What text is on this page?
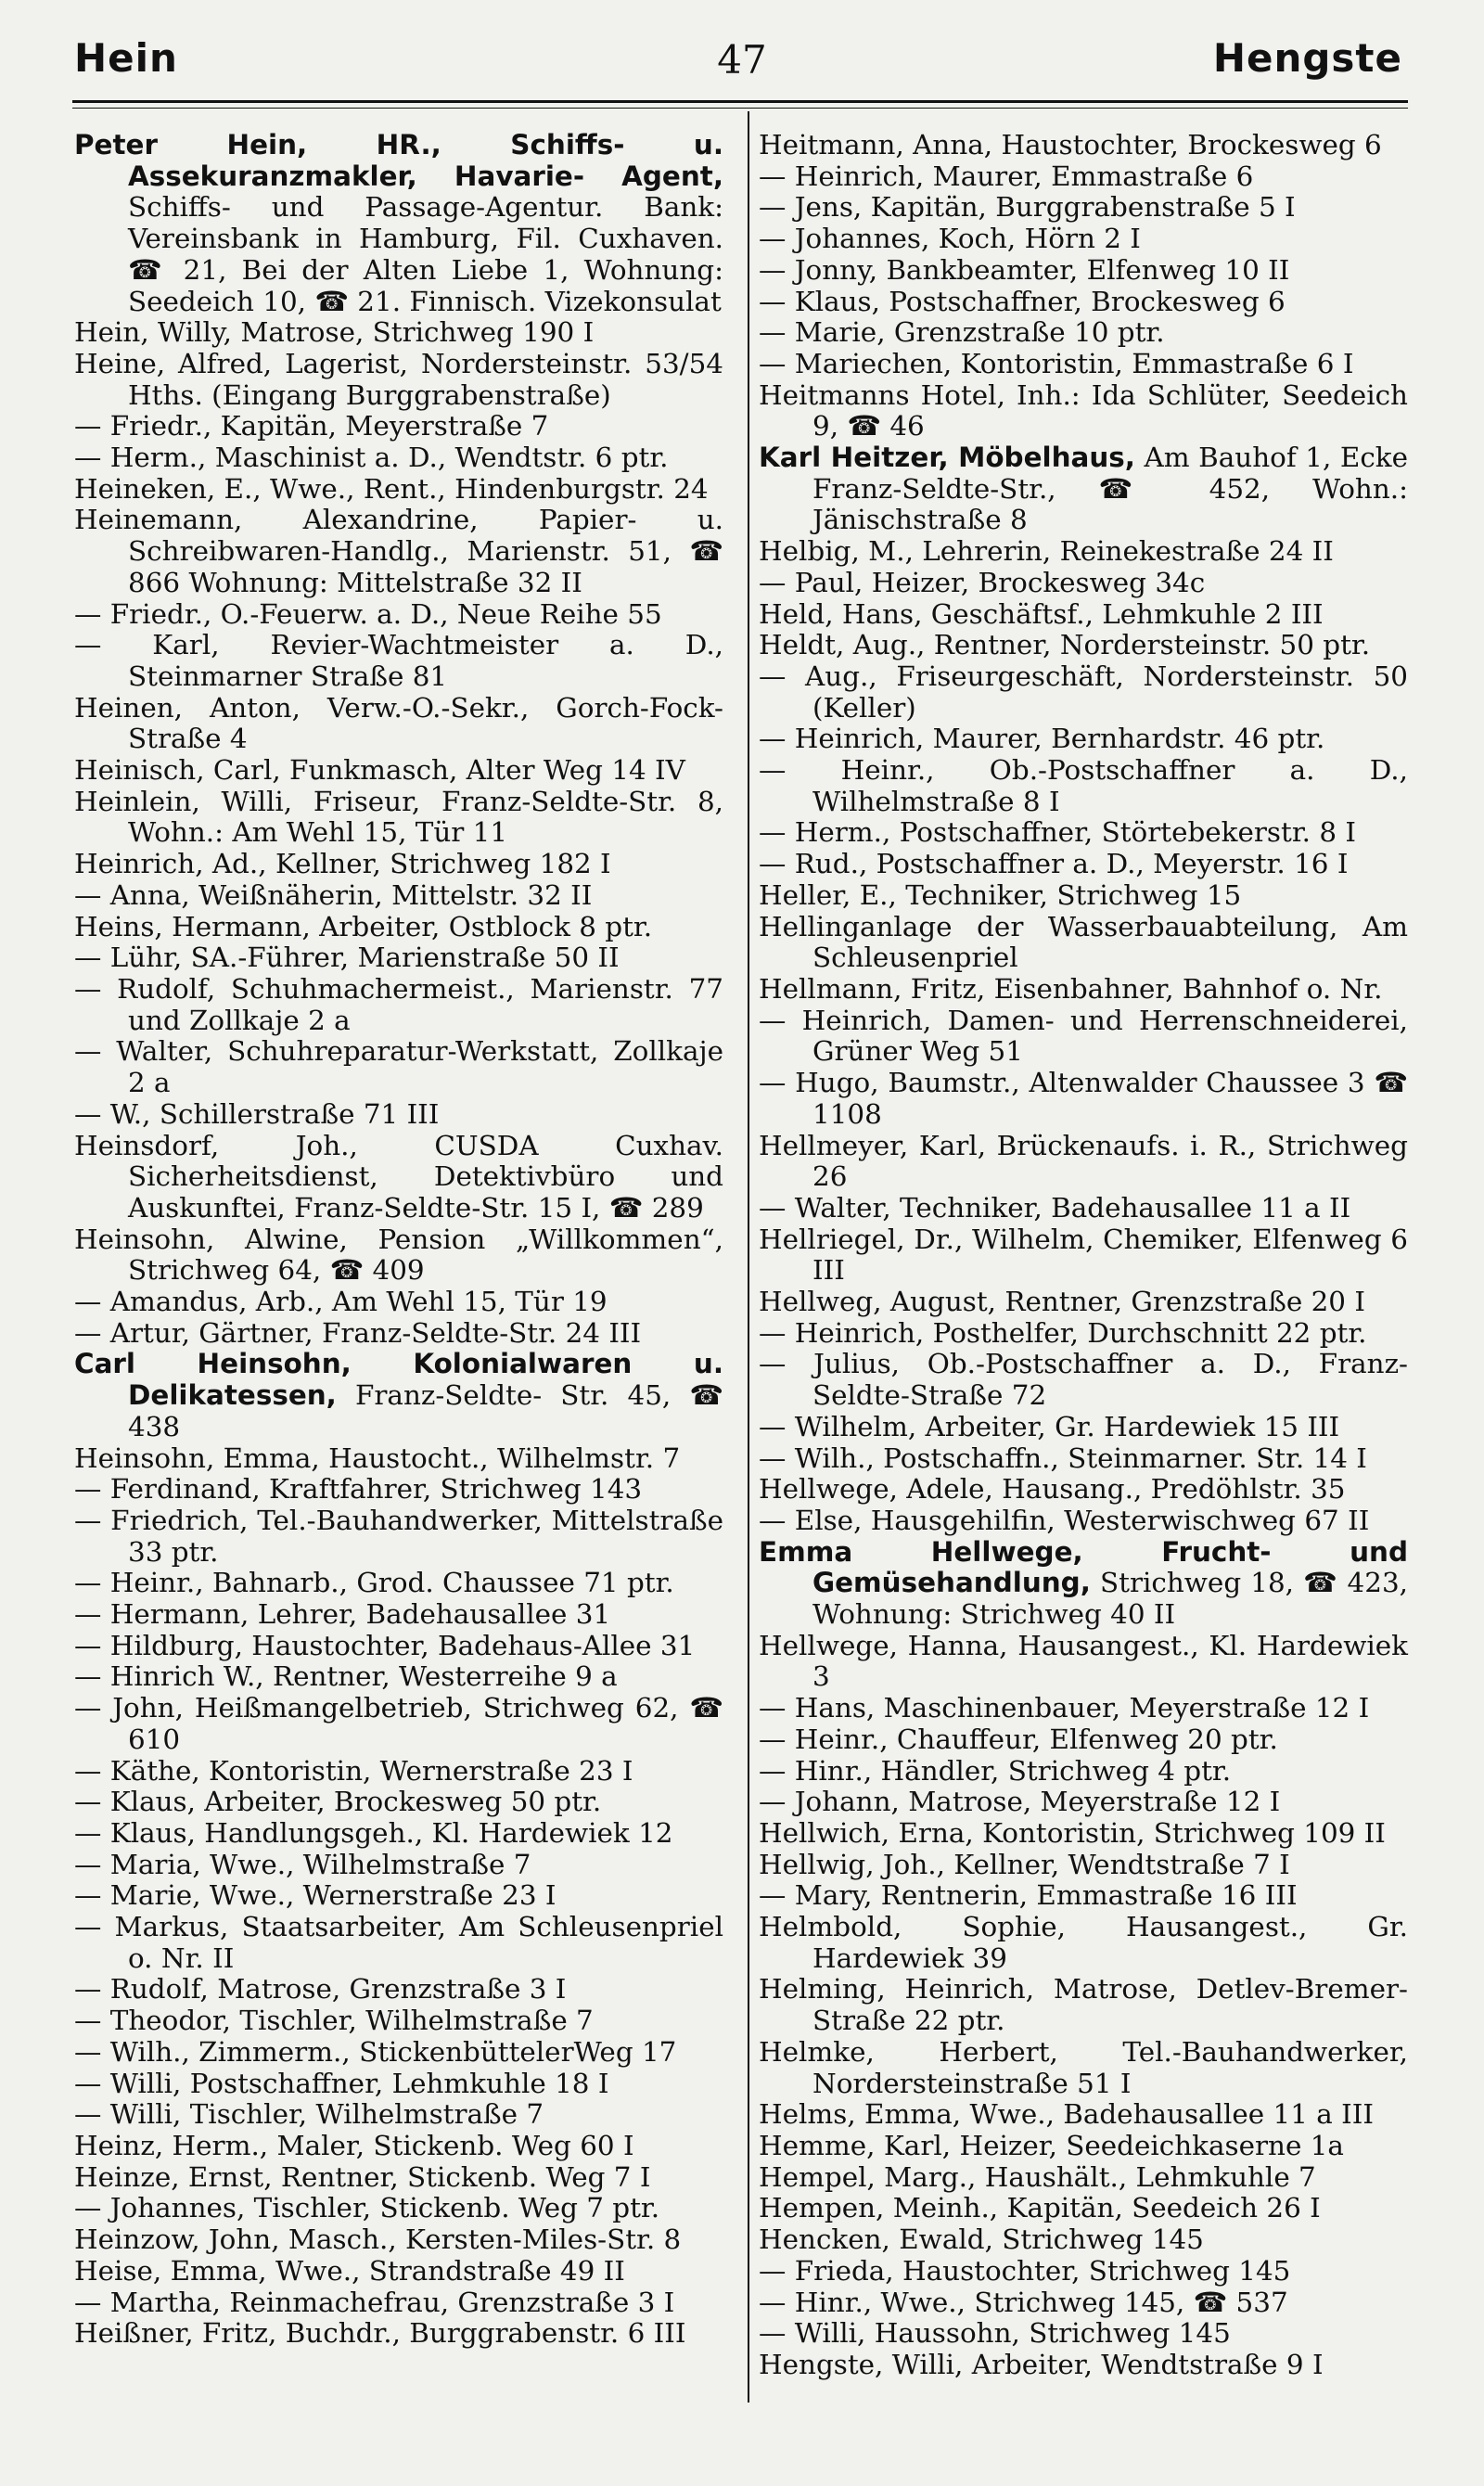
Hein	47	Hengste

Peter Hein, HR., Schiffs- u. Assekuranzmakler, Havarie- Agent, Schiffs- und Passage-Agentur. Bank: Vereinsbank in Hamburg, Fil. Cuxhaven. ☎ 21, Bei der Alten Liebe 1, Wohnung: Seedeich 10, ☎ 21. Finnisch. Vizekonsulat

Hein, Willy, Matrose, Strichweg 190 I

Heine, Alfred, Lagerist, Nordersteinstr. 53/54 Hths. (Eingang Burggrabenstraße)

— Friedr., Kapitän, Meyerstraße 7

— Herm., Maschinist a. D., Wendtstr. 6 ptr.

Heineken, E., Wwe., Rent., Hindenburgstr. 24

Heinemann, Alexandrine, Papier- u. Schreibwaren-Handlg., Marienstr. 51, ☎ 866 Wohnung: Mittelstraße 32 II

— Friedr., O.-Feuerw. a. D., Neue Reihe 55

— Karl, Revier-Wachtmeister a. D., Steinmarner Straße 81

Heinen, Anton, Verw.-O.-Sekr., Gorch-Fock-Straße 4

Heinisch, Carl, Funkmasch, Alter Weg 14 IV

Heinlein, Willi, Friseur, Franz-Seldte-Str. 8, Wohn.: Am Wehl 15, Tür 11

Heinrich, Ad., Kellner, Strichweg 182 I

— Anna, Weißnäherin, Mittelstr. 32 II

Heins, Hermann, Arbeiter, Ostblock 8 ptr.

— Lühr, SA.-Führer, Marienstraße 50 II

— Rudolf, Schuhmachermeist., Marienstr. 77 und Zollkaje 2 a

— Walter, Schuhreparatur-Werkstatt, Zollkaje 2 a

— W., Schillerstraße 71 III

Heinsdorf, Joh., CUSDA Cuxhav. Sicherheitsdienst, Detektivbüro und Auskunftei, Franz-Seldte-Str. 15 I, ☎ 289

Heinsohn, Alwine, Pension „Willkommen“, Strichweg 64, ☎ 409

— Amandus, Arb., Am Wehl 15, Tür 19

— Artur, Gärtner, Franz-Seldte-Str. 24 III

Carl Heinsohn, Kolonialwaren u. Delikatessen, Franz-Seldte- Str. 45, ☎ 438

Heinsohn, Emma, Haustocht., Wilhelmstr. 7

— Ferdinand, Kraftfahrer, Strichweg 143

— Friedrich, Tel.-Bauhandwerker, Mittelstraße 33 ptr.

— Heinr., Bahnarb., Grod. Chaussee 71 ptr.

— Hermann, Lehrer, Badehausallee 31

— Hildburg, Haustochter, Badehaus-Allee 31

— Hinrich W., Rentner, Westerreihe 9 a

— John, Heißmangelbetrieb, Strichweg 62, ☎ 610

— Käthe, Kontoristin, Wernerstraße 23 I

— Klaus, Arbeiter, Brockesweg 50 ptr.

— Klaus, Handlungsgeh., Kl. Hardewiek 12

— Maria, Wwe., Wilhelmstraße 7

— Marie, Wwe., Wernerstraße 23 I

— Markus, Staatsarbeiter, Am Schleusenpriel o. Nr. II

— Rudolf, Matrose, Grenzstraße 3 I

— Theodor, Tischler, Wilhelmstraße 7

— Wilh., Zimmerm., StickenbüttelerWeg 17

— Willi, Postschaffner, Lehmkuhle 18 I

— Willi, Tischler, Wilhelmstraße 7

Heinz, Herm., Maler, Stickenb. Weg 60 I

Heinze, Ernst, Rentner, Stickenb. Weg 7 I

— Johannes, Tischler, Stickenb. Weg 7 ptr.

Heinzow, John, Masch., Kersten-Miles-Str. 8

Heise, Emma, Wwe., Strandstraße 49 II

— Martha, Reinmachefrau, Grenzstraße 3 I

Heißner, Fritz, Buchdr., Burggrabenstr. 6 III

Heitmann, Anna, Haustochter, Brockesweg 6

— Heinrich, Maurer, Emmastraße 6

— Jens, Kapitän, Burggrabenstraße 5 I

— Johannes, Koch, Hörn 2 I

— Jonny, Bankbeamter, Elfenweg 10 II

— Klaus, Postschaffner, Brockesweg 6

— Marie, Grenzstraße 10 ptr.

— Mariechen, Kontoristin, Emmastraße 6 I

Heitmanns Hotel, Inh.: Ida Schlüter, Seedeich 9, ☎ 46

Karl Heitzer, Möbelhaus, Am Bauhof 1, Ecke Franz-Seldte-Str., ☎ 452, Wohn.: Jänischstraße 8

Helbig, M., Lehrerin, Reinekestraße 24 II

— Paul, Heizer, Brockesweg 34c

Held, Hans, Geschäftsf., Lehmkuhle 2 III

Heldt, Aug., Rentner, Nordersteinstr. 50 ptr.

— Aug., Friseurgeschäft, Nordersteinstr. 50 (Keller)

— Heinrich, Maurer, Bernhardstr. 46 ptr.

— Heinr., Ob.-Postschaffner a. D., Wilhelmstraße 8 I

— Herm., Postschaffner, Störtebekerstr. 8 I

— Rud., Postschaffner a. D., Meyerstr. 16 I

Heller, E., Techniker, Strichweg 15

Hellinganlage der Wasserbauabteilung, Am Schleusenpriel

Hellmann, Fritz, Eisenbahner, Bahnhof o. Nr.

— Heinrich, Damen- und Herrenschneiderei, Grüner Weg 51

— Hugo, Baumstr., Altenwalder Chaussee 3 ☎ 1108

Hellmeyer, Karl, Brückenaufs. i. R., Strichweg 26

— Walter, Techniker, Badehausallee 11 a II

Hellriegel, Dr., Wilhelm, Chemiker, Elfenweg 6 III

Hellweg, August, Rentner, Grenzstraße 20 I

— Heinrich, Posthelfer, Durchschnitt 22 ptr.

— Julius, Ob.-Postschaffner a. D., Franz-Seldte-Straße 72

— Wilhelm, Arbeiter, Gr. Hardewiek 15 III

— Wilh., Postschaffn., Steinmarner. Str. 14 I

Hellwege, Adele, Hausang., Predöhlstr. 35

— Else, Hausgehilfin, Westerwischweg 67 II

Emma Hellwege, Frucht- und Gemüsehandlung, Strichweg 18, ☎ 423, Wohnung: Strichweg 40 II

Hellwege, Hanna, Hausangest., Kl. Hardewiek 3

— Hans, Maschinenbauer, Meyerstraße 12 I

— Heinr., Chauffeur, Elfenweg 20 ptr.

— Hinr., Händler, Strichweg 4 ptr.

— Johann, Matrose, Meyerstraße 12 I

Hellwich, Erna, Kontoristin, Strichweg 109 II

Hellwig, Joh., Kellner, Wendtstraße 7 I

— Mary, Rentnerin, Emmastraße 16 III

Helmbold, Sophie, Hausangest., Gr. Hardewiek 39

Helming, Heinrich, Matrose, Detlev-Bremer-Straße 22 ptr.

Helmke, Herbert, Tel.-Bauhandwerker, Nordersteinstraße 51 I

Helms, Emma, Wwe., Badehausallee 11 a III

Hemme, Karl, Heizer, Seedeichkaserne 1a

Hempel, Marg., Haushält., Lehmkuhle 7

Hempen, Meinh., Kapitän, Seedeich 26 I

Hencken, Ewald, Strichweg 145

— Frieda, Haustochter, Strichweg 145

— Hinr., Wwe., Strichweg 145, ☎ 537

— Willi, Haussohn, Strichweg 145

Hengste, Willi, Arbeiter, Wendtstraße 9 I
